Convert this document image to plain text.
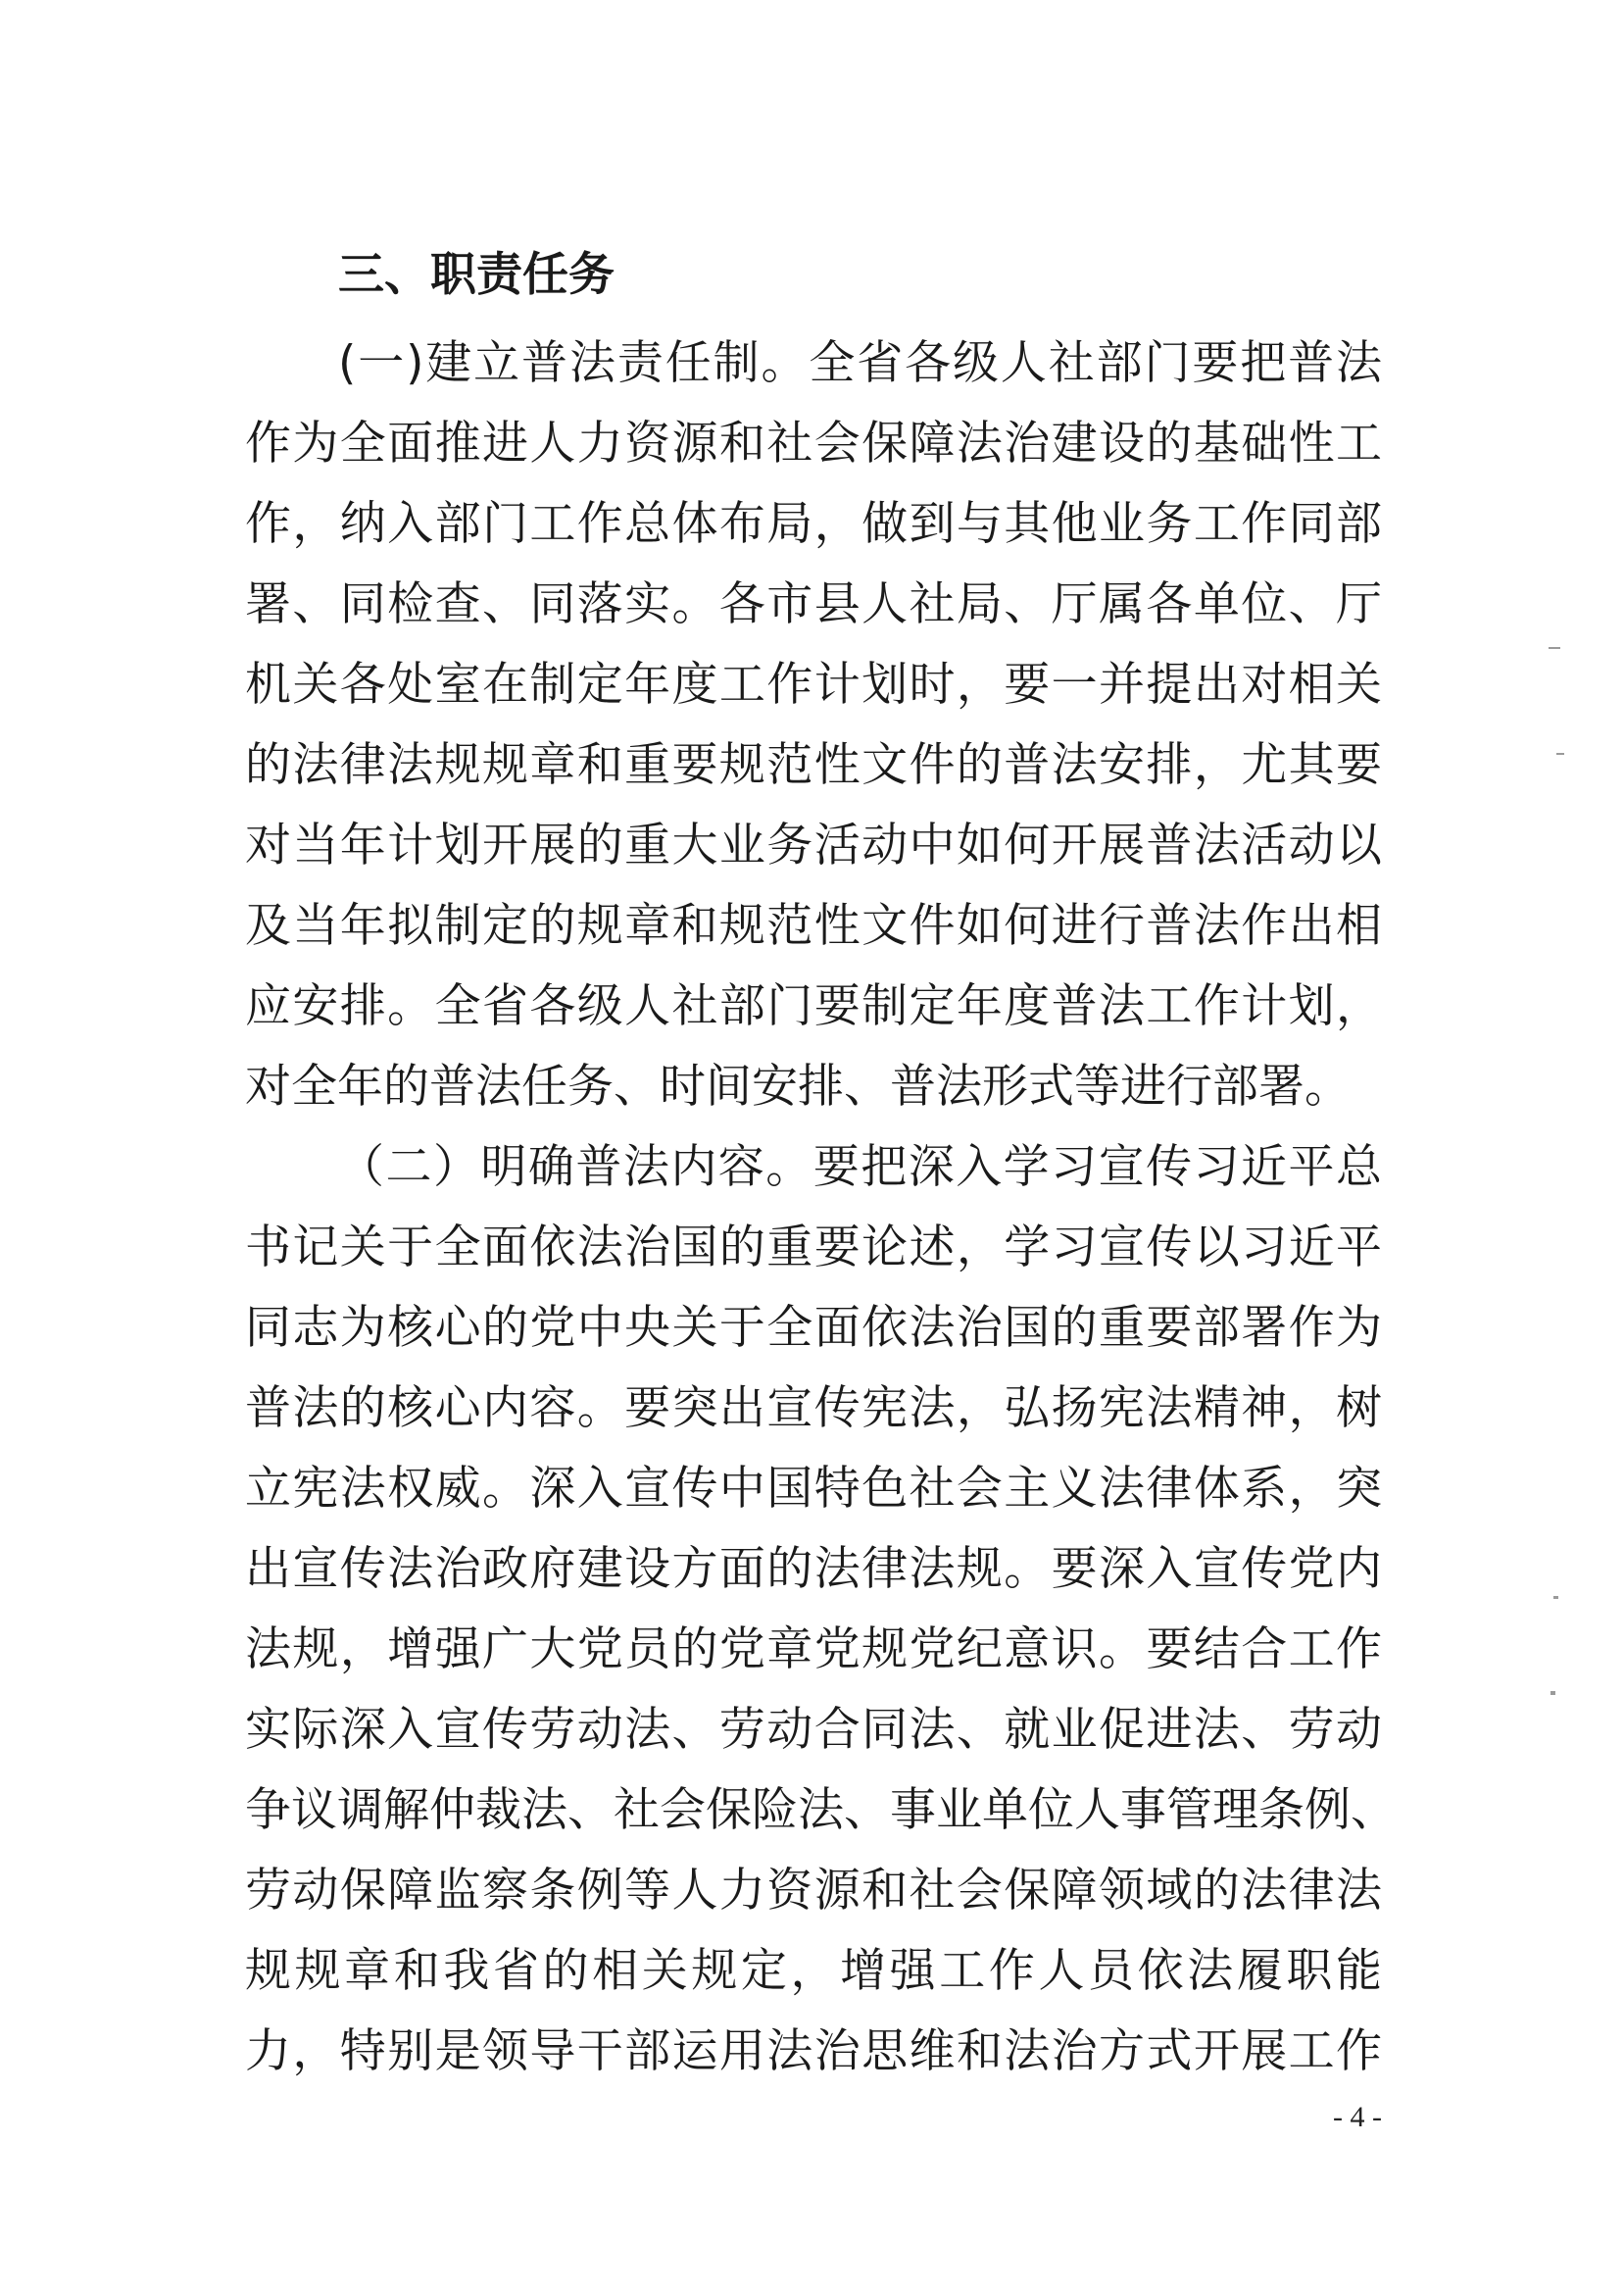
三、职责任务
(一)建立普法责任制。全省各级人社部门要把普法
作为全面推进人力资源和社会保障法治建设的基础性工
作，纳入部门工作总体布局，做到与其他业务工作同部
署、同检查、同落实。各市县人社局、厅属各单位、厅
机关各处室在制定年度工作计划时，要一并提出对相关
的法律法规规章和重要规范性文件的普法安排，尤其要
对当年计划开展的重大业务活动中如何开展普法活动以
及当年拟制定的规章和规范性文件如何进行普法作出相
应安排。全省各级人社部门要制定年度普法工作计划，
对全年的普法任务、时间安排、普法形式等进行部署。
（二）明确普法内容。要把深入学习宣传习近平总
书记关于全面依法治国的重要论述，学习宣传以习近平
同志为核心的党中央关于全面依法治国的重要部署作为
普法的核心内容。要突出宣传宪法，弘扬宪法精神，树
立宪法权威。深入宣传中国特色社会主义法律体系，突
出宣传法治政府建设方面的法律法规。要深入宣传党内
法规，增强广大党员的党章党规党纪意识。要结合工作
实际深入宣传劳动法、劳动合同法、就业促进法、劳动
争议调解仲裁法、社会保险法、事业单位人事管理条例、
劳动保障监察条例等人力资源和社会保障领域的法律法
规规章和我省的相关规定，增强工作人员依法履职能
力，特别是领导干部运用法治思维和法治方式开展工作
- 4 -
